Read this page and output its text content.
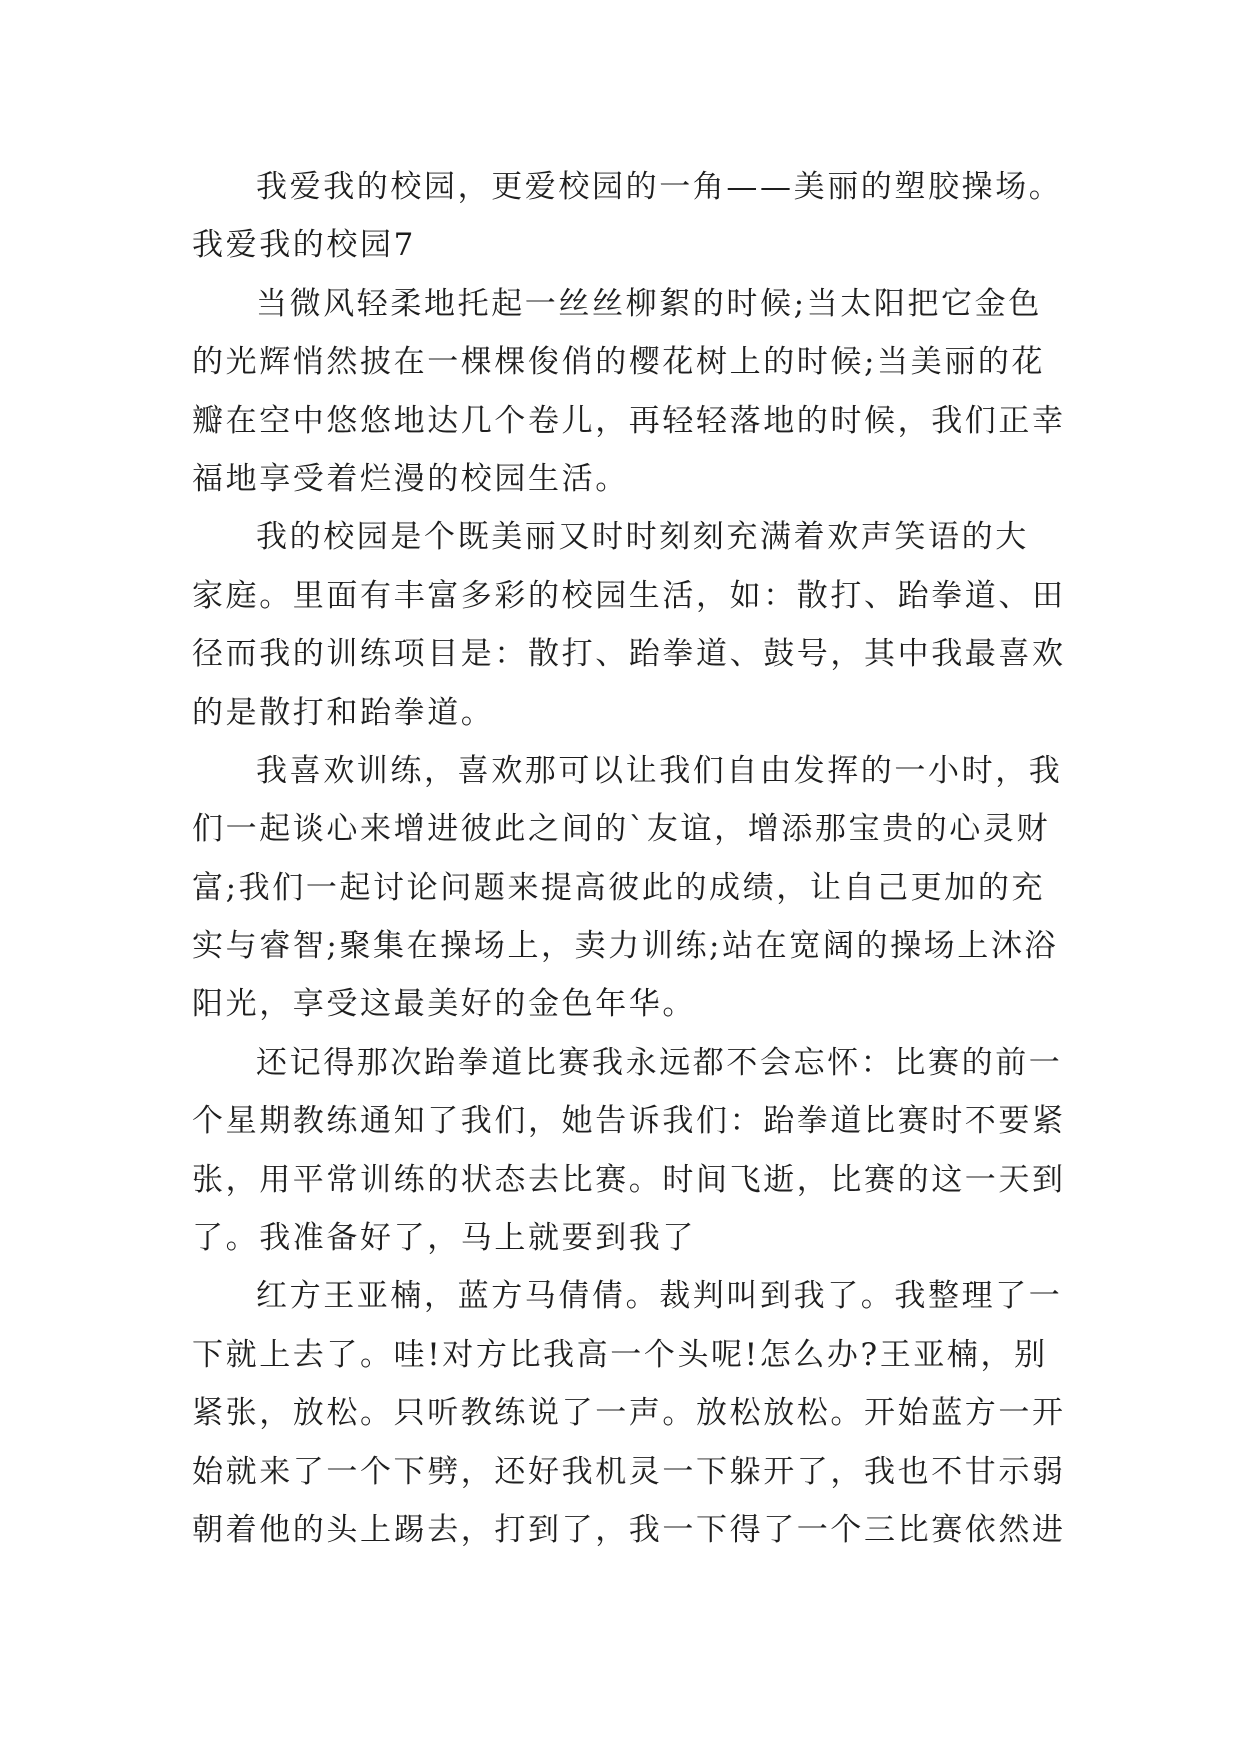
我爱我的校园，更爱校园的一角——美丽的塑胶操场。
我爱我的校园7
当微风轻柔地托起一丝丝柳絮的时候;当太阳把它金色
的光辉悄然披在一棵棵俊俏的樱花树上的时候;当美丽的花
瓣在空中悠悠地达几个卷儿，再轻轻落地的时候，我们正幸
福地享受着烂漫的校园生活。
我的校园是个既美丽又时时刻刻充满着欢声笑语的大
家庭。里面有丰富多彩的校园生活，如：散打、跆拳道、田
径而我的训练项目是：散打、跆拳道、鼓号，其中我最喜欢
的是散打和跆拳道。
我喜欢训练，喜欢那可以让我们自由发挥的一小时，我
们一起谈心来增进彼此之间的`友谊，增添那宝贵的心灵财
富;我们一起讨论问题来提高彼此的成绩，让自己更加的充
实与睿智;聚集在操场上，卖力训练;站在宽阔的操场上沐浴
阳光，享受这最美好的金色年华。
还记得那次跆拳道比赛我永远都不会忘怀：比赛的前一
个星期教练通知了我们，她告诉我们：跆拳道比赛时不要紧
张，用平常训练的状态去比赛。时间飞逝，比赛的这一天到
了。我准备好了，马上就要到我了
红方王亚楠，蓝方马倩倩。裁判叫到我了。我整理了一
下就上去了。哇!对方比我高一个头呢!怎么办?王亚楠，别
紧张，放松。只听教练说了一声。放松放松。开始蓝方一开
始就来了一个下劈，还好我机灵一下躲开了，我也不甘示弱
朝着他的头上踢去，打到了，我一下得了一个三比赛依然进
